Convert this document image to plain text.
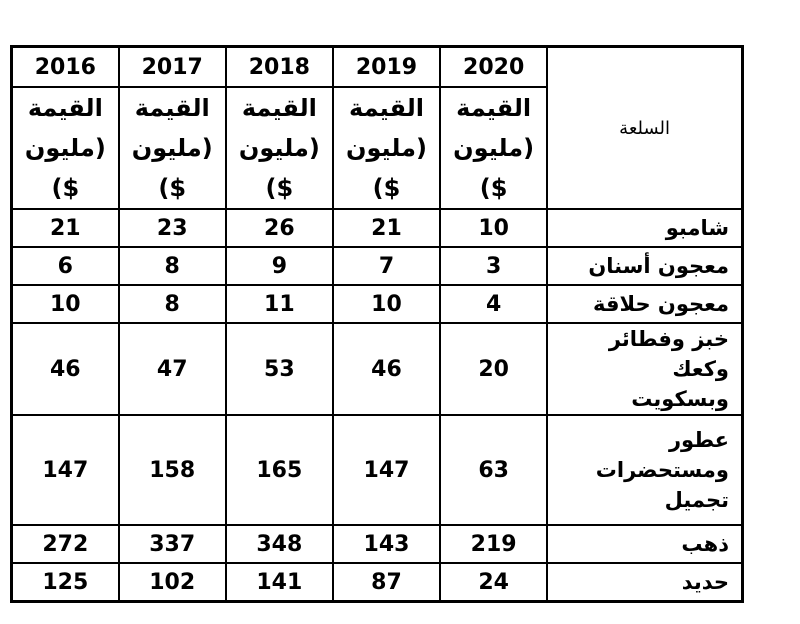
2016	2017	2018	2019	2020	السلعة

القيمة
(مليون
$)	القيمة
(مليون
$)	القيمة
(مليون
$)	القيمة
(مليون
$)	القيمة
(مليون
$)	

21	23	26	21	10	شامبو
6	8	9	7	3	معجون أسنان
10	8	11	10	4	معجون حلاقة
46	47	53	46	20	خبز وفطائر وكعك
وبسكويت

147	158	165	147	63	عطور
ومستحضرات
تجميل

272	337	348	143	219	ذهب
125	102	141	87	24	حديد
